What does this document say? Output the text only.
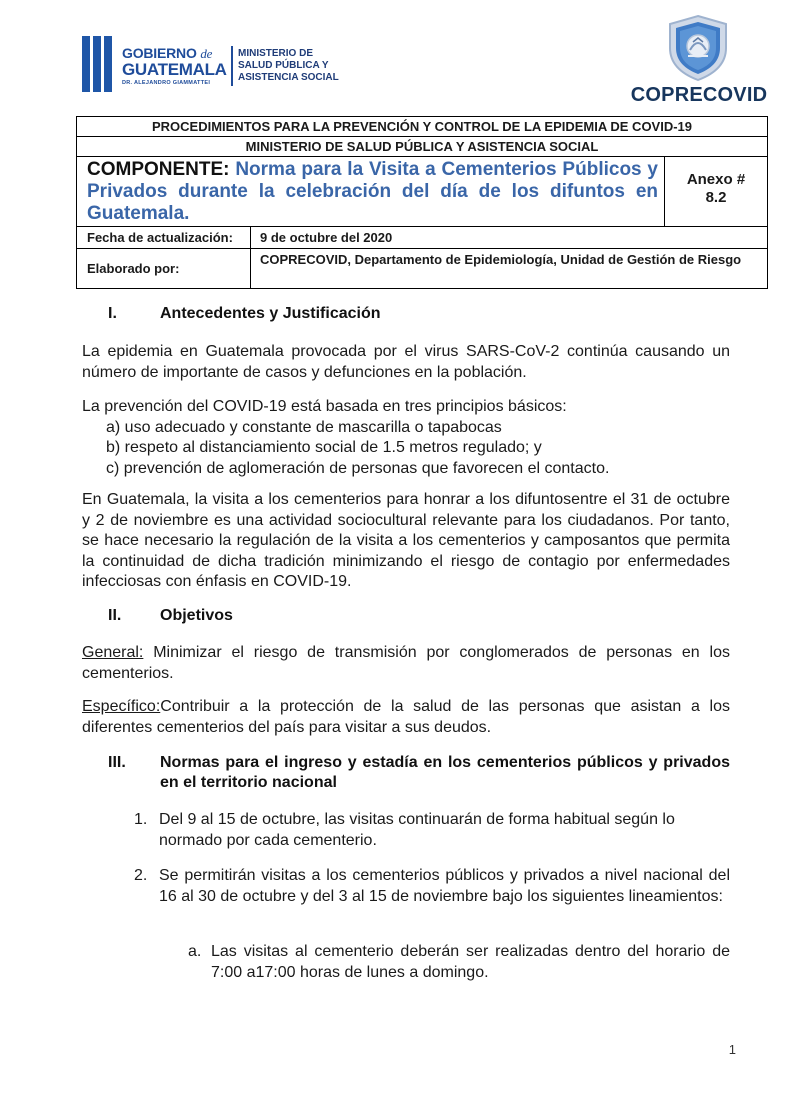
GOBIERNO de
GUATEMALA
DR. ALEJANDRO GIAMMATTEI
MINISTERIO DE
SALUD PÚBLICA Y
ASISTENCIA SOCIAL
COPRECOVID
PROCEDIMIENTOS PARA LA PREVENCIÓN Y CONTROL DE LA EPIDEMIA DE COVID-19
MINISTERIO DE SALUD PÚBLICA Y ASISTENCIA SOCIAL
COMPONENTE: Norma para la Visita a Cementerios Públicos y Privados durante la celebración del día de los difuntos en Guatemala.
Anexo #
8.2
Fecha de actualización:	9 de octubre del 2020
Elaborado por:
COPRECOVID, Departamento de Epidemiología, Unidad de Gestión de Riesgo
I.	Antecedentes y Justificación
La epidemia en Guatemala provocada por el virus SARS-CoV-2 continúa causando un número de importante de casos y defunciones en la población.
La prevención del COVID-19 está basada en tres principios básicos:
a) uso adecuado y constante de mascarilla o tapabocas
b) respeto al distanciamiento social de 1.5 metros regulado; y
c) prevención de aglomeración de personas que favorecen el contacto.
En Guatemala, la visita a los cementerios para honrar a los difuntosentre el 31 de octubre y 2 de noviembre es una actividad sociocultural relevante para los ciudadanos. Por tanto, se hace necesario la regulación de la visita a los cementerios y camposantos que permita la continuidad de dicha tradición minimizando el riesgo de contagio por enfermedades infecciosas con énfasis en COVID-19.
II. Objetivos
General: Minimizar el riesgo de transmisión por conglomerados de personas en los cementerios.
Específico:Contribuir a la protección de la salud de las personas que asistan a los diferentes cementerios del país para visitar a sus deudos.
III. Normas para el ingreso y estadía en los cementerios públicos y privados en el territorio nacional
1. Del 9 al 15 de octubre, las visitas continuarán de forma habitual según lo
normado por cada cementerio.
2. Se permitirán visitas a los cementerios públicos y privados a nivel nacional del 16 al 30 de octubre y del 3 al 15 de noviembre bajo los siguientes lineamientos:
a. Las visitas al cementerio deberán ser realizadas dentro del horario de 7:00 a17:00 horas de lunes a domingo.
1
